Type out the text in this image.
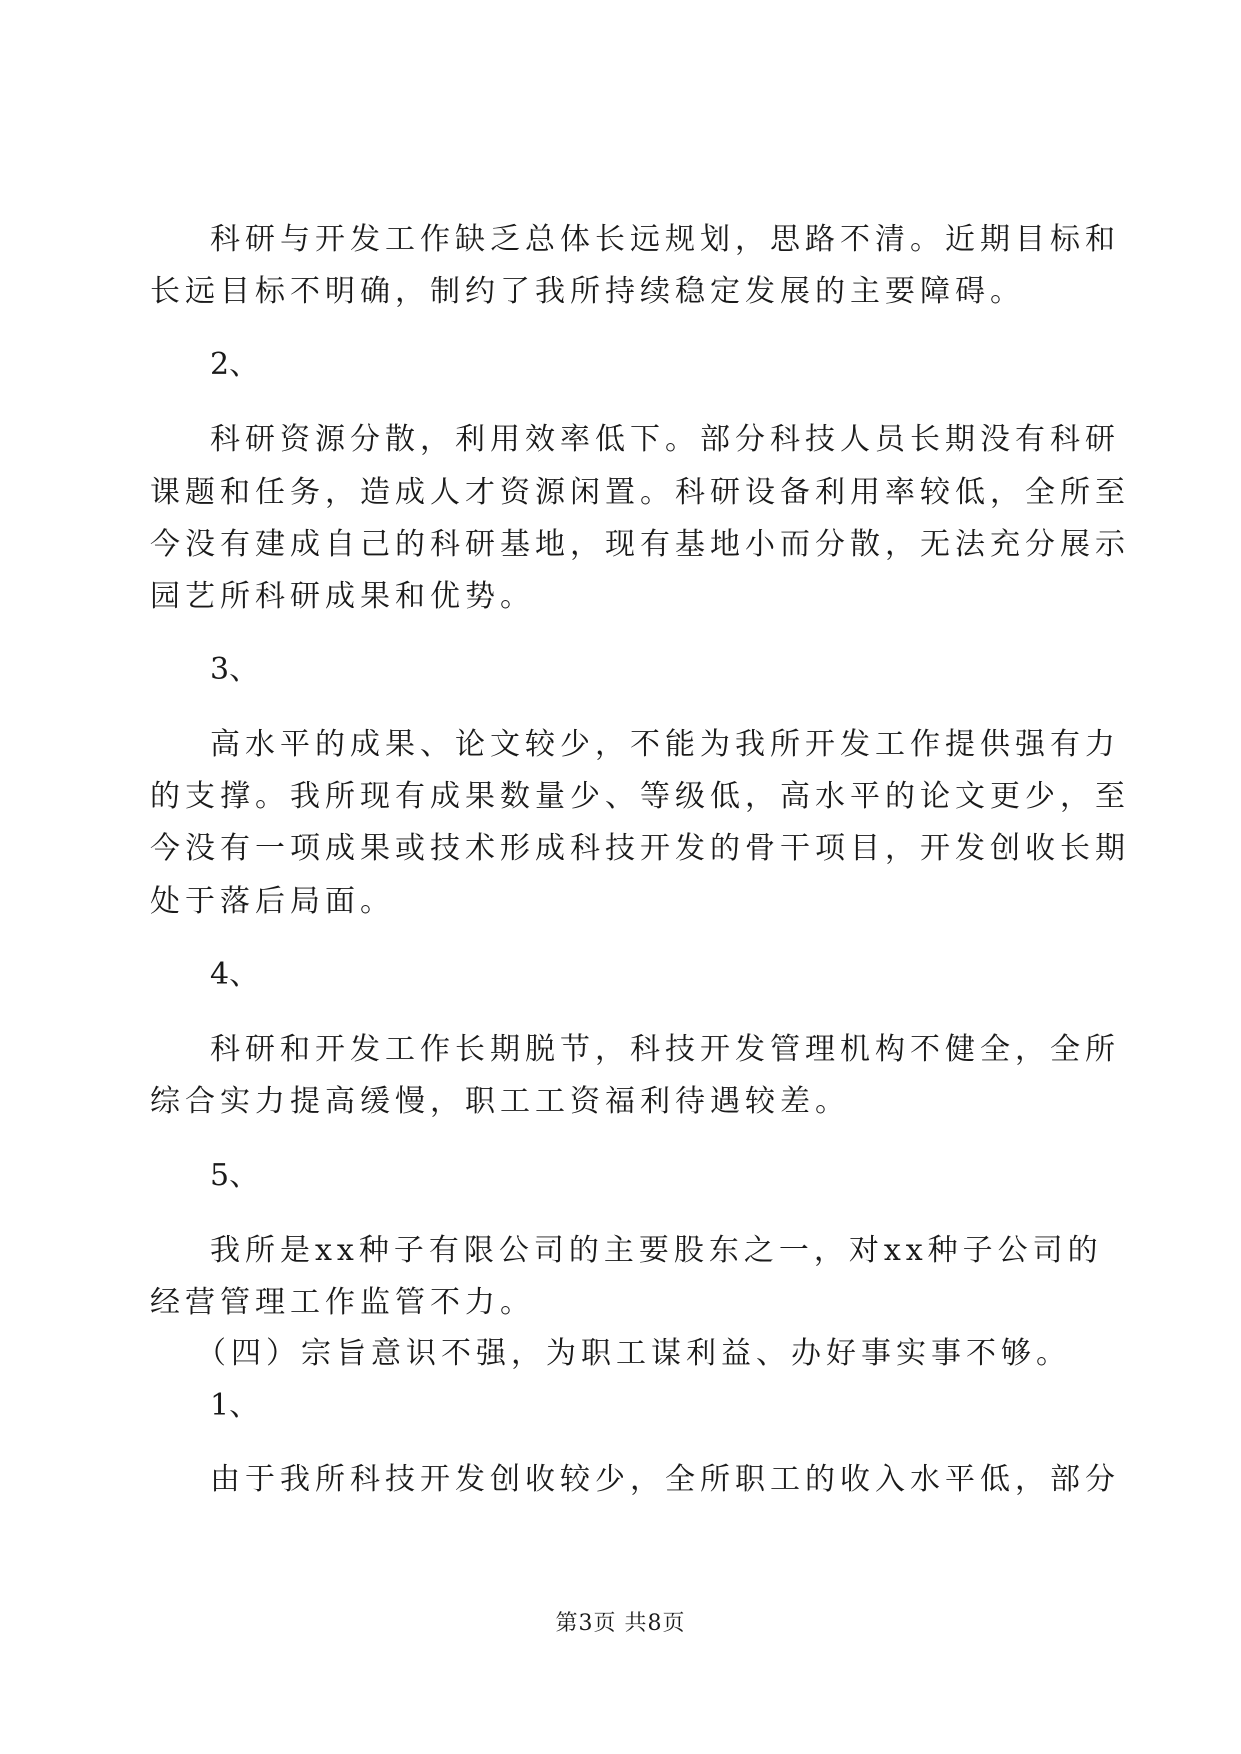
科研与开发工作缺乏总体长远规划，思路不清。近期目标和
长远目标不明确，制约了我所持续稳定发展的主要障碍。
2、
科研资源分散，利用效率低下。部分科技人员长期没有科研
课题和任务，造成人才资源闲置。科研设备利用率较低，全所至
今没有建成自己的科研基地，现有基地小而分散，无法充分展示
园艺所科研成果和优势。
3、
高水平的成果、论文较少，不能为我所开发工作提供强有力
的支撑。我所现有成果数量少、等级低，高水平的论文更少，至
今没有一项成果或技术形成科技开发的骨干项目，开发创收长期
处于落后局面。
4、
科研和开发工作长期脱节，科技开发管理机构不健全，全所
综合实力提高缓慢，职工工资福利待遇较差。
5、
我所是xx种子有限公司的主要股东之一，对xx种子公司的
经营管理工作监管不力。
（四）宗旨意识不强，为职工谋利益、办好事实事不够。
1、
由于我所科技开发创收较少，全所职工的收入水平低，部分
第3页 共8页
